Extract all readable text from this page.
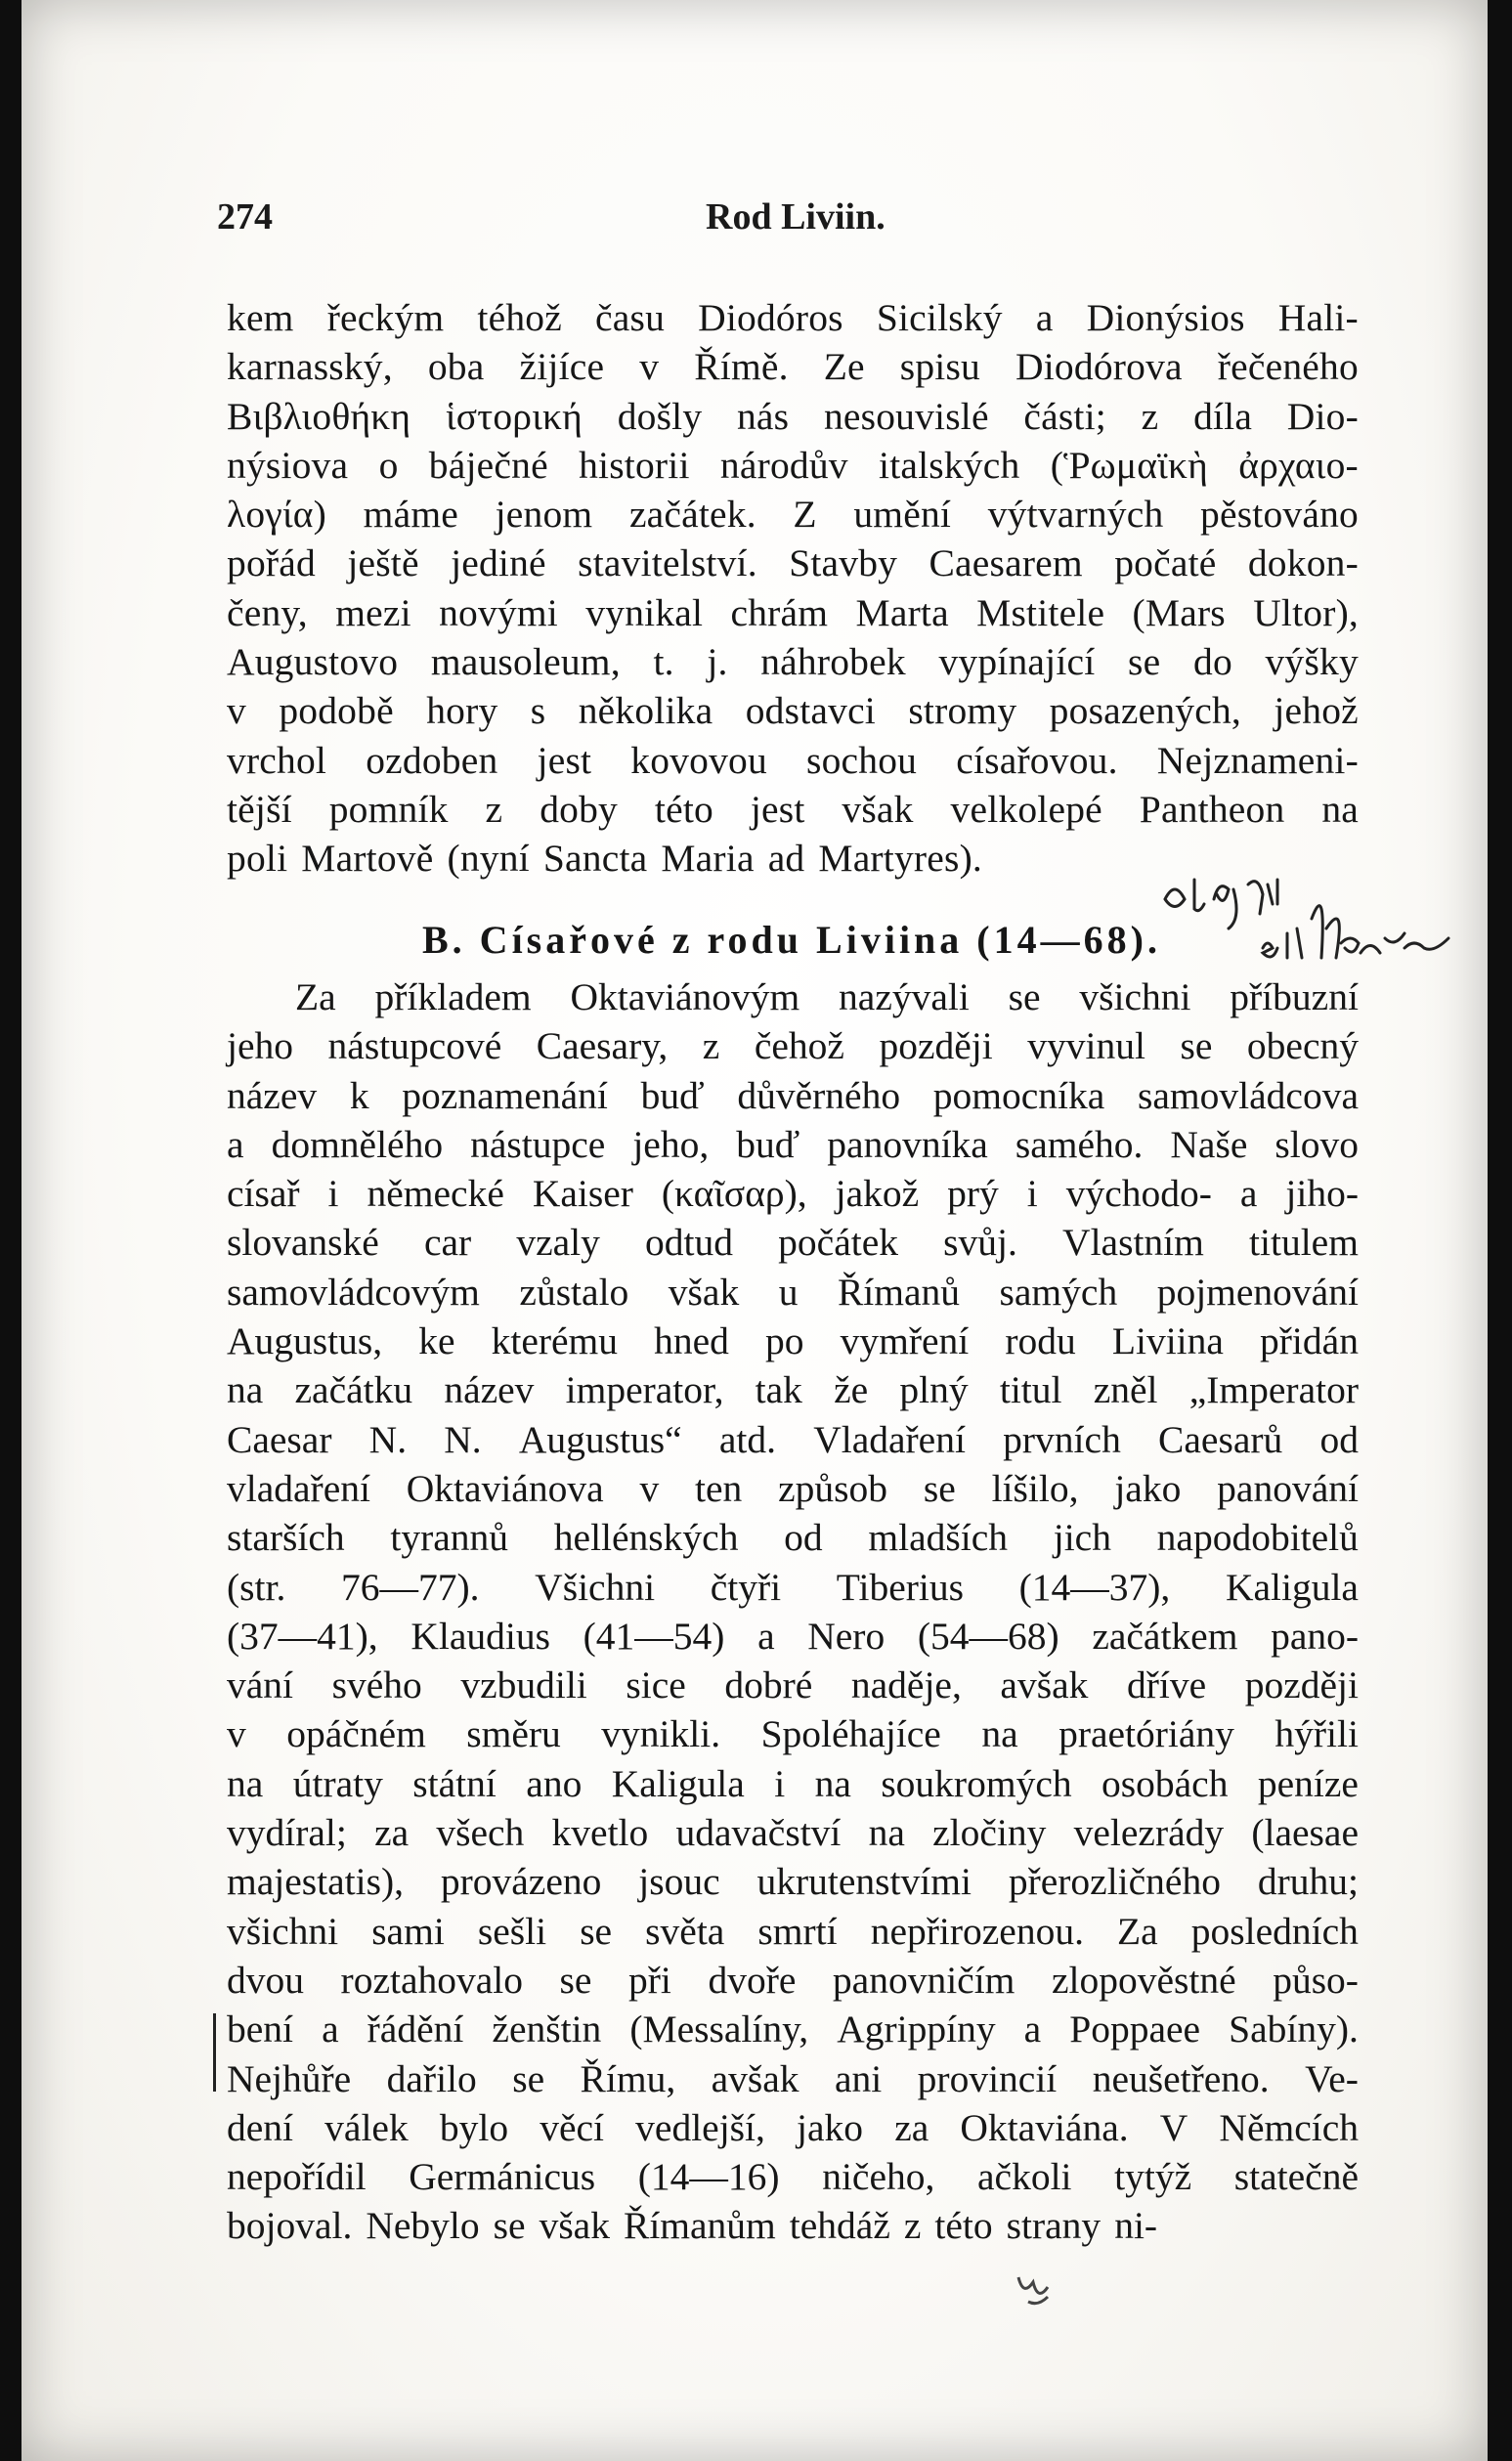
274	Rod Liviin.
kem řeckým téhož času Diodóros Sicilský a Dionýsios Hali-
karnasský, oba žijíce v Římě. Ze spisu Diodórova řečeného
Βιβλιοθήκη ἱστορική došly nás nesouvislé části; z díla Dio-
nýsiova o báječné historii národův italských (Ῥωμαϊκὴ ἀρχαιο-
λογία) máme jenom začátek. Z umění výtvarných pěstováno
pořád ještě jediné stavitelství. Stavby Caesarem počaté dokon-
čeny, mezi novými vynikal chrám Marta Mstitele (Mars Ultor),
Augustovo mausoleum, t. j. náhrobek vypínající se do výšky
v podobě hory s několika odstavci stromy posazených, jehož
vrchol ozdoben jest kovovou sochou císařovou. Nejznameni-
tější pomník z doby této jest však velkolepé Pantheon na
poli Martově (nyní Sancta Maria ad Martyres).
B. Císařové z rodu Liviina (14—68).
Za příkladem Oktaviánovým nazývali se všichni příbuzní
jeho nástupcové Caesary, z čehož později vyvinul se obecný
název k poznamenání buď důvěrného pomocníka samovládcova
a domnělého nástupce jeho, buď panovníka samého. Naše slovo
císař i německé Kaiser (καῖσαρ), jakož prý i východo- a jiho-
slovanské car vzaly odtud počátek svůj. Vlastním titulem
samovládcovým zůstalo však u Římanů samých pojmenování
Augustus, ke kterému hned po vymření rodu Liviina přidán
na začátku název imperator, tak že plný titul zněl „Imperator
Caesar N. N. Augustus“ atd. Vladaření prvních Caesarů od
vladaření Oktaviánova v ten způsob se líšilo, jako panování
starších tyrannů hellénských od mladších jich napodobitelů
(str. 76—77). Všichni čtyři Tiberius (14—37), Kaligula
(37—41), Klaudius (41—54) a Nero (54—68) začátkem pano-
vání svého vzbudili sice dobré naděje, avšak dříve později
v opáčném směru vynikli. Spoléhajíce na praetóriány hýřili
na útraty státní ano Kaligula i na soukromých osobách peníze
vydíral; za všech kvetlo udavačství na zločiny velezrády (laesae
majestatis), provázeno jsouc ukrutenstvími přerozličného druhu;
všichni sami sešli se světa smrtí nepřirozenou. Za posledních
dvou roztahovalo se při dvoře panovničím zlopověstné půso-
bení a řádění ženštin (Messalíny, Agrippíny a Poppaee Sabíny).
Nejhůře dařilo se Římu, avšak ani provincií neušetřeno. Ve-
dení válek bylo věcí vedlejší, jako za Oktaviána. V Němcích
nepořídil Germánicus (14—16) ničeho, ačkoli tytýž statečně
bojoval. Nebylo se však Římanům tehdáž z této strany ni-
